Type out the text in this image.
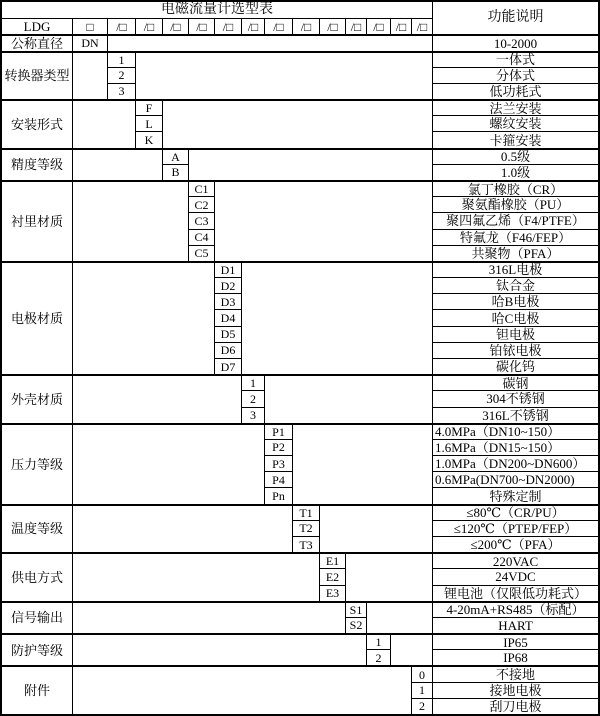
电磁流量计选型表
功能说明
LDG	□	/□	/□	/□	/□	/□	/□	/□	/□	/□	/□ /□ /□ /□
公称直径	DN	10-2000
转换器类型
1	一体式
2	分体式
3	低功耗式
安装形式
F	法兰安装
L	螺纹安装
K	卡箍安装
精度等级
A	0.5级
B	1.0级
衬里材质
C1	氯丁橡胶（CR）
C2	聚氨酯橡胶（PU）
C3	聚四氟乙烯（F4/PTFE）
C4	特氟龙（F46/FEP）
C5	共聚物（PFA）
电极材质
D1	316L电极
D2	钛合金
D3	哈B电极
D4	哈C电极
D5	钽电极
D6	铂铱电极
D7	碳化钨
外壳材质
1	碳钢
2	304不锈钢
3	316L不锈钢
压力等级
P1	4.0MPa（DN10~150）
P2	1.6MPa（DN15~150）
P3	1.0MPa（DN200~DN600）
P4	0.6MPa(DN700~DN2000)
Pn	特殊定制
温度等级
T1	≤80℃（CR/PU）
T2	≤120℃（PTEP/FEP）
T3	≤200℃（PFA）
供电方式
E1	220VAC
E2	24VDC
E3	锂电池（仅限低功耗式）
信号输出
S1	4-20mA+RS485（标配）
S2	HART
防护等级
1	IP65
2	IP68
附件
0	不接地
1	接地电极
2	刮刀电极
